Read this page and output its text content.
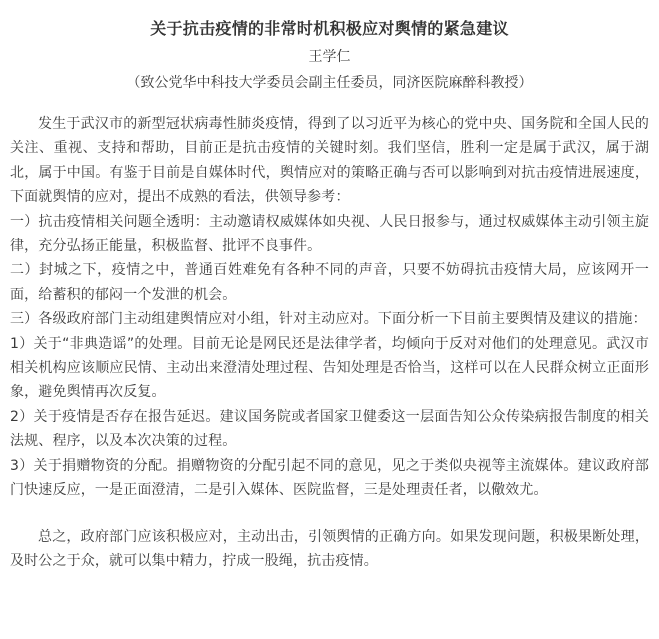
关于抗击疫情的非常时机积极应对舆情的紧急建议
王学仁
（致公党华中科技大学委员会副主任委员，同济医院麻醉科教授）

发生于武汉市的新型冠状病毒性肺炎疫情，得到了以习近平为核心的党中央、国务院和全国人民的关注、重视、支持和帮助，目前正是抗击疫情的关键时刻。我们坚信，胜利一定是属于武汉，属于湖北，属于中国。有鉴于目前是自媒体时代，舆情应对的策略正确与否可以影响到对抗击疫情进展速度，下面就舆情的应对，提出不成熟的看法，供领导参考：

一）抗击疫情相关问题全透明：主动邀请权威媒体如央视、人民日报参与，通过权威媒体主动引领主旋律，充分弘扬正能量，积极监督、批评不良事件。

二）封城之下，疫情之中，普通百姓难免有各种不同的声音，只要不妨碍抗击疫情大局，应该网开一面，给蓄积的郁闷一个发泄的机会。

三）各级政府部门主动组建舆情应对小组，针对主动应对。下面分析一下目前主要舆情及建议的措施：

1）关于“非典造谣”的处理。目前无论是网民还是法律学者，均倾向于反对对他们的处理意见。武汉市相关机构应该顺应民情、主动出来澄清处理过程、告知处理是否恰当，这样可以在人民群众树立正面形象，避免舆情再次反复。

2）关于疫情是否存在报告延迟。建议国务院或者国家卫健委这一层面告知公众传染病报告制度的相关法规、程序，以及本次决策的过程。

3）关于捐赠物资的分配。捐赠物资的分配引起不同的意见，见之于类似央视等主流媒体。建议政府部门快速反应，一是正面澄清，二是引入媒体、医院监督，三是处理责任者，以儆效尤。

总之，政府部门应该积极应对，主动出击，引领舆情的正确方向。如果发现问题，积极果断处理，及时公之于众，就可以集中精力，拧成一股绳，抗击疫情。
